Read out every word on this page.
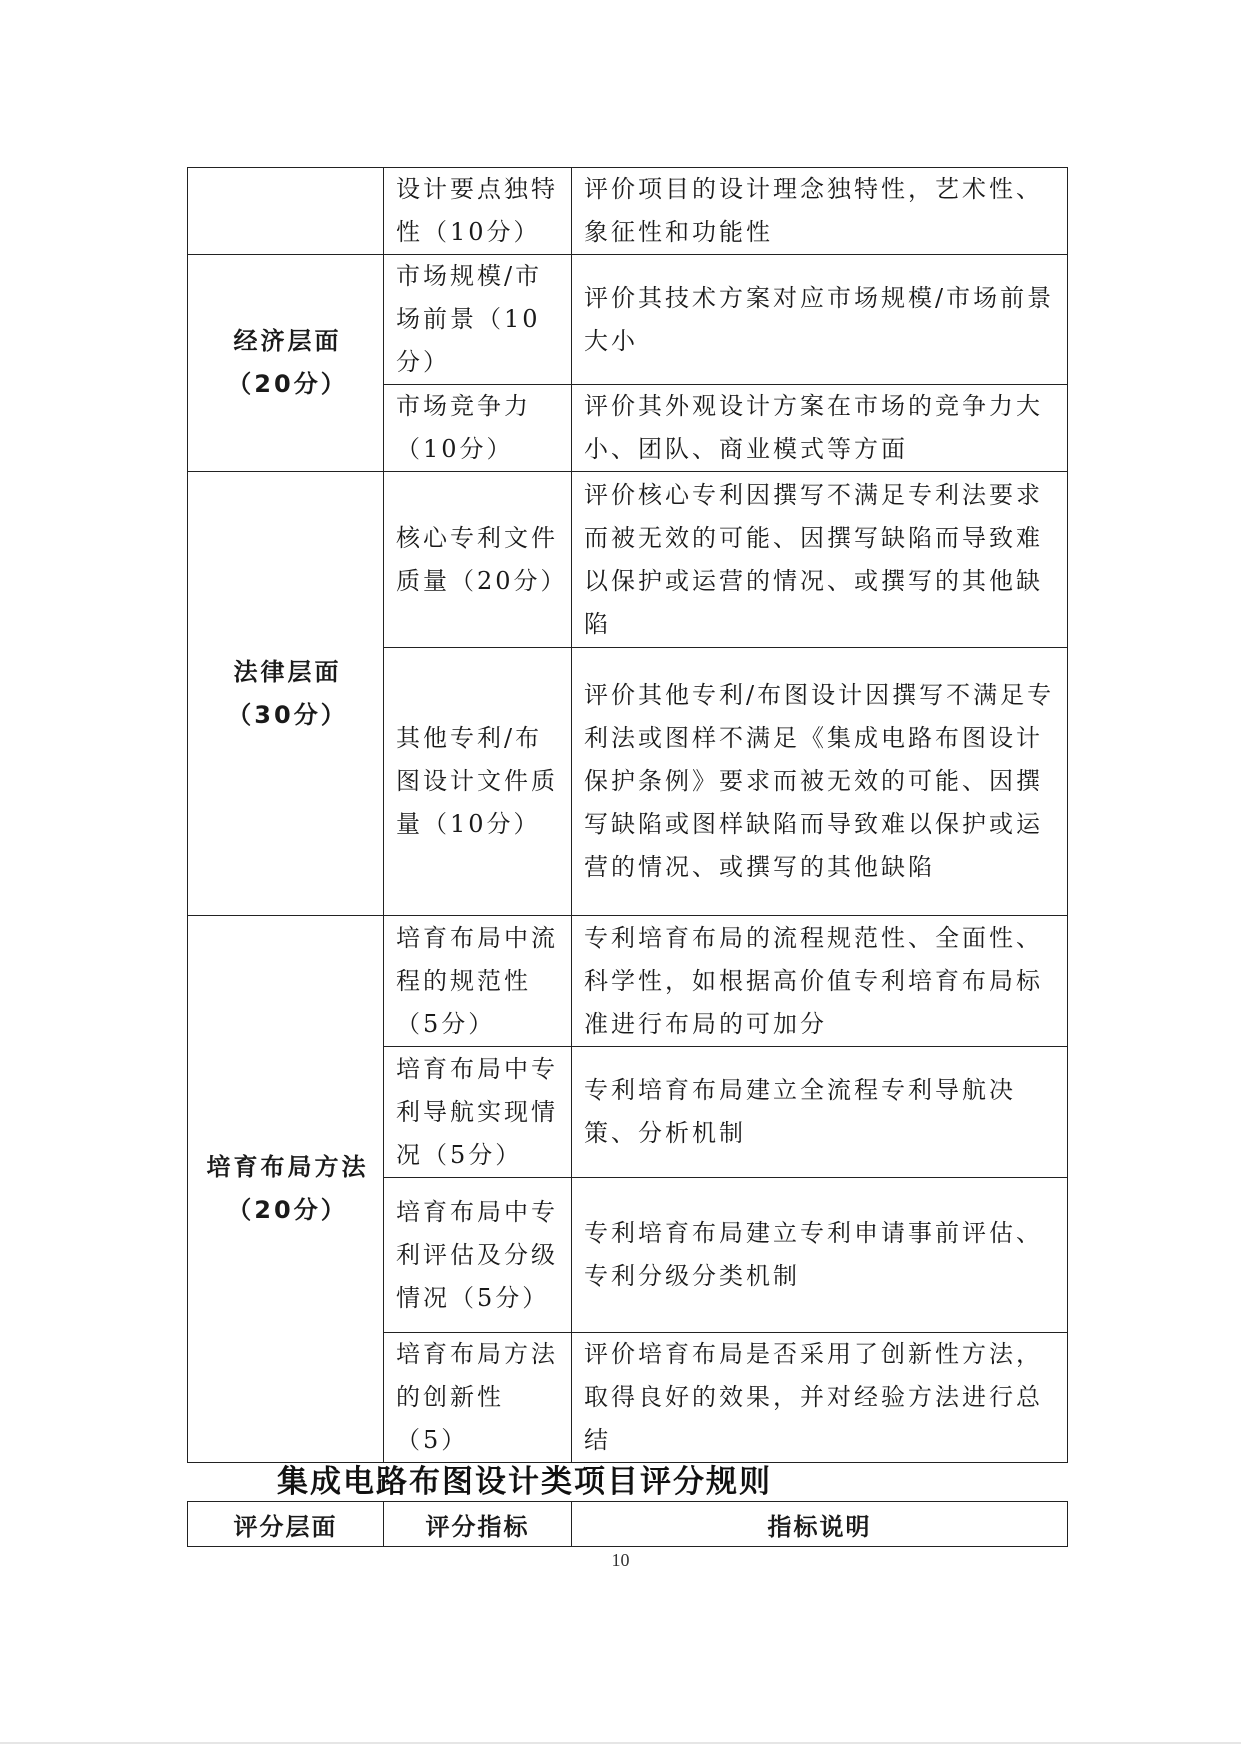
	设计要点独特性（10分）	评价项目的设计理念独特性，艺术性、象征性和功能性

经济层面
（20分）	市场规模/市场前景（10分）	评价其技术方案对应市场规模/市场前景大小
	市场竞争力（10分）	评价其外观设计方案在市场的竞争力大小、团队、商业模式等方面

法律层面
（30分）	核心专利文件质量（20分）	评价核心专利因撰写不满足专利法要求而被无效的可能、因撰写缺陷而导致难以保护或运营的情况、或撰写的其他缺陷
	其他专利/布图设计文件质量（10分）	评价其他专利/布图设计因撰写不满足专利法或图样不满足《集成电路布图设计保护条例》要求而被无效的可能、因撰写缺陷或图样缺陷而导致难以保护或运营的情况、或撰写的其他缺陷

培育布局方法
（20分）	培育布局中流程的规范性（5分）	专利培育布局的流程规范性、全面性、科学性，如根据高价值专利培育布局标准进行布局的可加分
	培育布局中专利导航实现情况（5分）	专利培育布局建立全流程专利导航决策、分析机制
	培育布局中专利评估及分级情况（5分）	专利培育布局建立专利申请事前评估、专利分级分类机制
	培育布局方法的创新性（5）	评价培育布局是否采用了创新性方法，取得良好的效果，并对经验方法进行总结
集成电路布图设计类项目评分规则
评分层面	评分指标	指标说明
10
